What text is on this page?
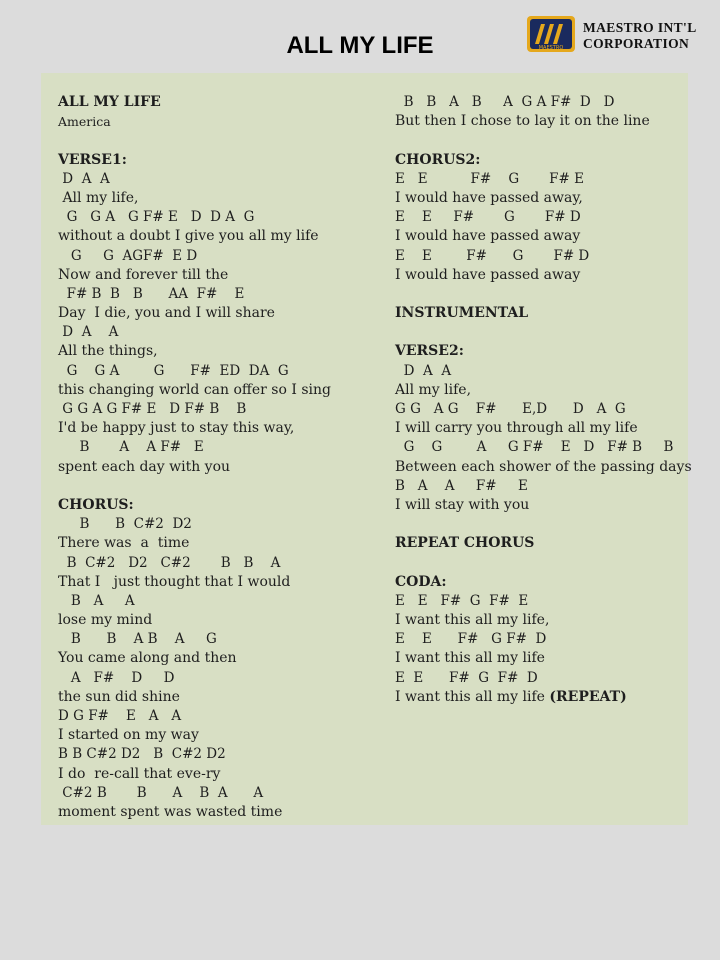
ALL MY LIFE	MAESTRO
MAESTRO INT'L
CORPORATION
ALL MY LIFE
America
VERSE1:
D  A  A
All my life,
G   G A   G F# E   D  D A  G
without a doubt I give you all my life
G     G  AGF#  E D
Now and forever till the
F# B  B   B      AA  F#    E
Day  I die, you and I will share
D  A    A
All the things,
G    G A        G      F#  ED  DA  G
this changing world can offer so I sing
G G A G F# E   D F# B    B
I'd be happy just to stay this way,
B       A    A F#   E
spent each day with you
CHORUS:
B      B  C#2  D2
There was  a  time
B  C#2   D2   C#2       B   B    A
That I   just thought that I would
B   A     A
lose my mind
B      B    A B    A     G
You came along and then
A   F#    D     D
the sun did shine
D G F#    E   A   A
I started on my way
B B C#2 D2   B  C#2 D2
I do  re-call that eve-ry
C#2 B       B      A    B  A      A
moment spent was wasted time
B   B   A   B     A  G A F#  D   D
But then I chose to lay it on the line
CHORUS2:
E   E          F#    G       F# E
I would have passed away,
E    E     F#       G       F# D
I would have passed away
E    E        F#      G       F# D
I would have passed away
INSTRUMENTAL
VERSE2:
D  A  A
All my life,
G G   A G    F#      E,D      D   A  G
I will carry you through all my life
G    G        A     G F#    E   D   F# B     B
Between each shower of the passing days
B   A    A     F#     E
I will stay with you
REPEAT CHORUS
CODA:
E   E   F#  G  F#  E
I want this all my life,
E    E      F#   G F#  D
I want this all my life
E  E      F#  G  F#  D
I want this all my life (REPEAT)
